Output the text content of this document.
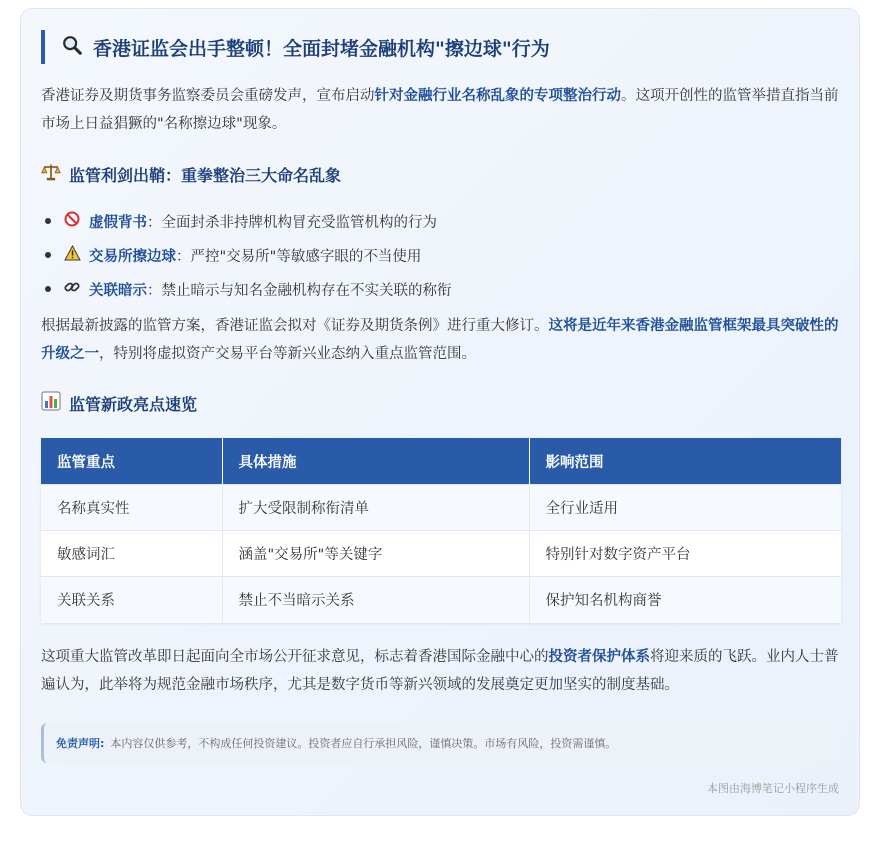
香港证监会出手整顿！全面封堵金融机构"擦边球"行为

香港证券及期货事务监察委员会重磅发声，宣布启动针对金融行业名称乱象的专项整治行动。这项开创性的监管举措直指当前市场上日益猖獗的"名称擦边球"现象。

监管利剑出鞘：重拳整治三大命名乱象
虚假背书 ：全面封杀非持牌机构冒充受监管机构的行为
交易所擦边球 ：严控"交易所"等敏感字眼的不当使用
关联暗示 ：禁止暗示与知名金融机构存在不实关联的称衔

根据最新披露的监管方案，香港证监会拟对《证券及期货条例》进行重大修订。这将是近年来香港金融监管框架最具突破性的升级之一，特别将虚拟资产交易平台等新兴业态纳入重点监管范围。

监管新政亮点速览
监管重点	具体措施	影响范围
名称真实性	扩大受限制称衔清单	全行业适用
敏感词汇	涵盖"交易所"等关键字	特别针对数字资产平台
关联关系	禁止不当暗示关系	保护知名机构商誉

这项重大监管改革即日起面向全市场公开征求意见，标志着香港国际金融中心的投资者保护体系将迎来质的飞跃。业内人士普遍认为，此举将为规范金融市场秩序，尤其是数字货币等新兴领域的发展奠定更加坚实的制度基础。

免责声明: 本内容仅供参考，不构成任何投资建议。投资者应自行承担风险，谨慎决策。市场有风险，投资需谨慎。
本图由海博笔记小程序生成
